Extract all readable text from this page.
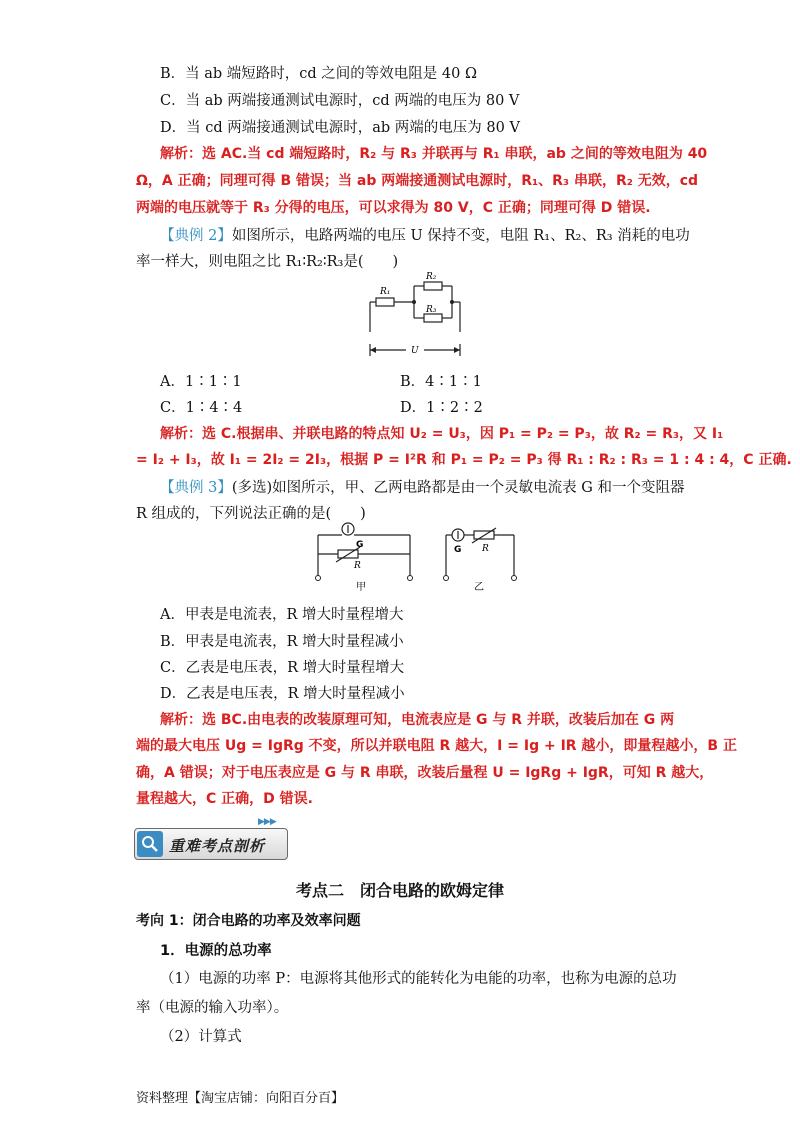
B．当 ab 端短路时，cd 之间的等效电阻是 40 Ω
C．当 ab 两端接通测试电源时，cd 两端的电压为 80 V
D．当 cd 两端接通测试电源时，ab 两端的电压为 80 V
解析：选 AC.当 cd 端短路时，R₂ 与 R₃ 并联再与 R₁ 串联，ab 之间的等效电阻为 40
Ω，A 正确；同理可得 B 错误；当 ab 两端接通测试电源时，R₁、R₃ 串联，R₂ 无效，cd
两端的电压就等于 R₃ 分得的电压，可以求得为 80 V，C 正确；同理可得 D 错误.
【典例 2】如图所示，电路两端的电压 U 保持不变，电阻 R₁、R₂、R₃ 消耗的电功
率一样大，则电阻之比 R₁∶R₂∶R₃是(　　)
R₁
R₂
R₃
U
A．1∶1∶1	B．4∶1∶1
C．1∶4∶4	D．1∶2∶2
解析：选 C.根据串、并联电路的特点知 U₂ = U₃，因 P₁ = P₂ = P₃，故 R₂ = R₃，又 I₁
= I₂ + I₃，故 I₁ = 2I₂ = 2I₃，根据 P = I²R 和 P₁ = P₂ = P₃ 得 R₁ : R₂ : R₃ = 1 : 4 : 4，C 正确.
【典例 3】(多选)如图所示，甲、乙两电路都是由一个灵敏电流表 G 和一个变阻器
R 组成的，下列说法正确的是(　　)
G
R
甲
G R
乙
A．甲表是电流表，R 增大时量程增大
B．甲表是电流表，R 增大时量程减小
C．乙表是电压表，R 增大时量程增大
D．乙表是电压表，R 增大时量程减小
解析：选 BC.由电表的改装原理可知，电流表应是 G 与 R 并联，改装后加在 G 两
端的最大电压 Ug = IgRg 不变，所以并联电阻 R 越大，I = Ig + IR 越小，即量程越小，B 正
确，A 错误；对于电压表应是 G 与 R 串联，改装后量程 U = IgRg + IgR，可知 R 越大，
量程越大，C 正确，D 错误.
▶▶▶
重难考点剖析
考点二　闭合电路的欧姆定律
考向 1：闭合电路的功率及效率问题
1．电源的总功率
（1）电源的功率 P：电源将其他形式的能转化为电能的功率，也称为电源的总功
率（电源的输入功率）。
（2）计算式
资料整理【淘宝店铺：向阳百分百】
